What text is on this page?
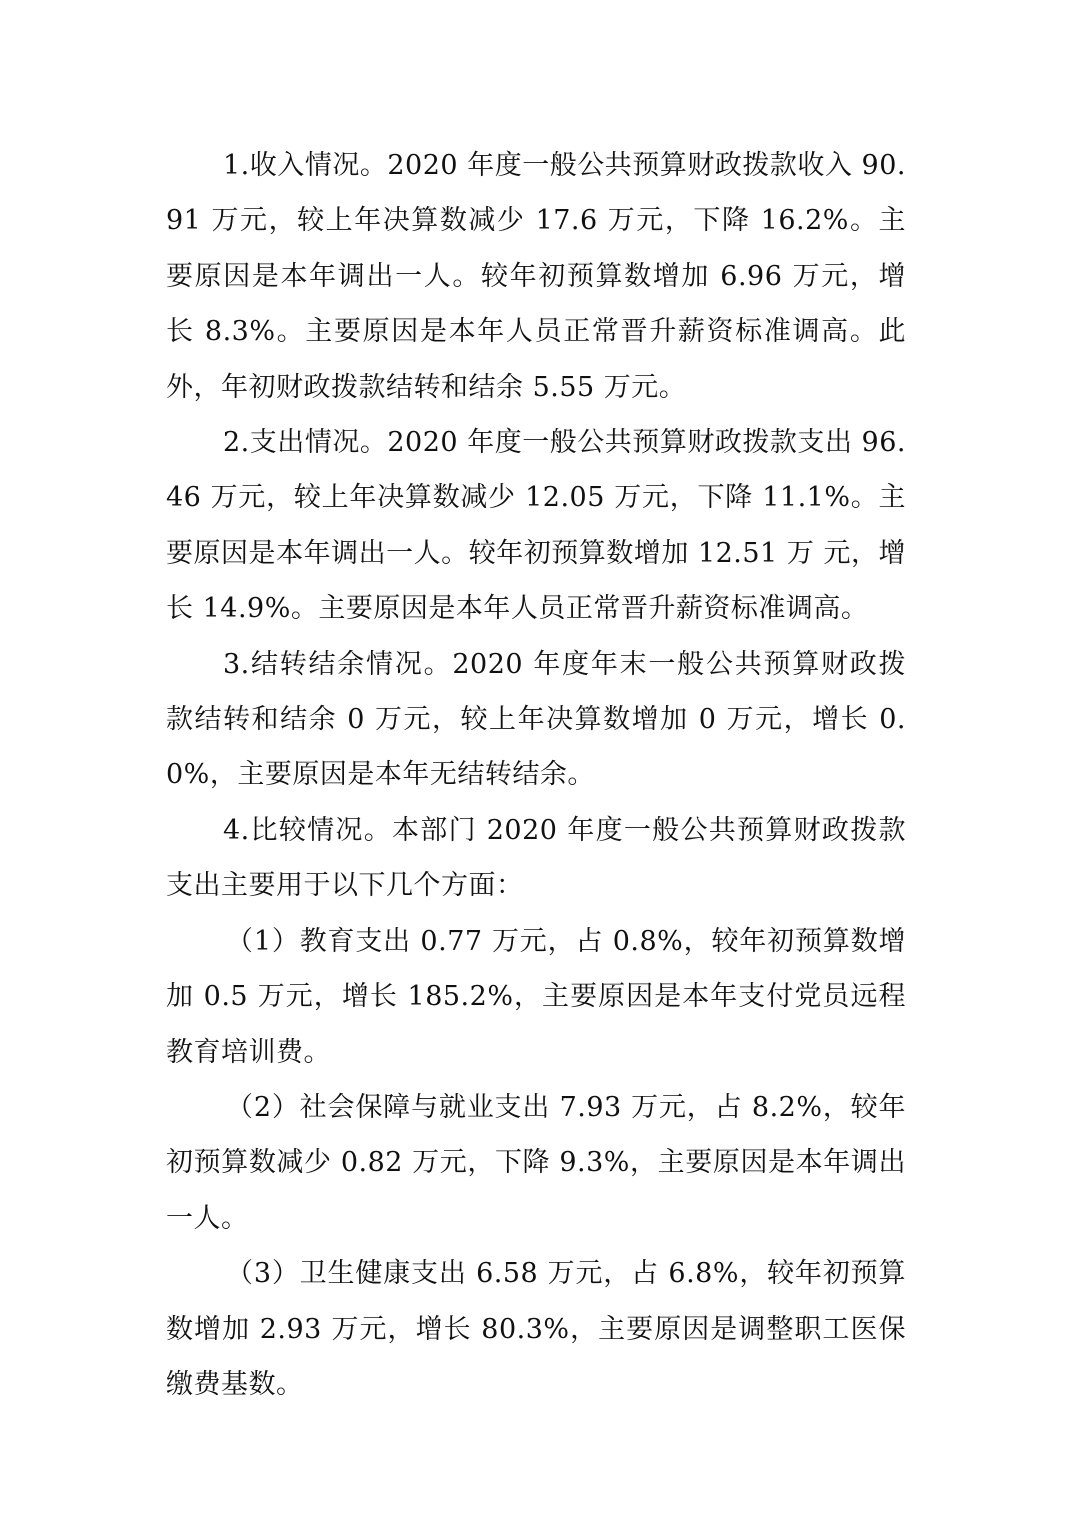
1.收入情况。2020 年度一般公共预算财政拨款收入 90.91 万元，较上年决算数减少 17.6 万元，下降 16.2%。主要原因是本年调出一人。较年初预算数增加 6.96 万元，增长 8.3%。主要原因是本年人员正常晋升薪资标准调高。此外，年初财政拨款结转和结余 5.55 万元。

2.支出情况。2020 年度一般公共预算财政拨款支出 96.46 万元，较上年决算数减少 12.05 万元，下降 11.1%。主要原因是本年调出一人。较年初预算数增加 12.51 万 元，增长 14.9%。主要原因是本年人员正常晋升薪资标准调高。

3.结转结余情况。2020 年度年末一般公共预算财政拨款结转和结余 0 万元，较上年决算数增加 0 万元，增长 0.0%，主要原因是本年无结转结余。

4.比较情况。本部门 2020 年度一般公共预算财政拨款支出主要用于以下几个方面：

（1）教育支出 0.77 万元，占 0.8%，较年初预算数增加 0.5 万元，增长 185.2%，主要原因是本年支付党员远程教育培训费。

（2）社会保障与就业支出 7.93 万元，占 8.2%，较年初预算数减少 0.82 万元，下降 9.3%，主要原因是本年调出一人。

（3）卫生健康支出 6.58 万元，占 6.8%，较年初预算数增加 2.93 万元，增长 80.3%，主要原因是调整职工医保缴费基数。
